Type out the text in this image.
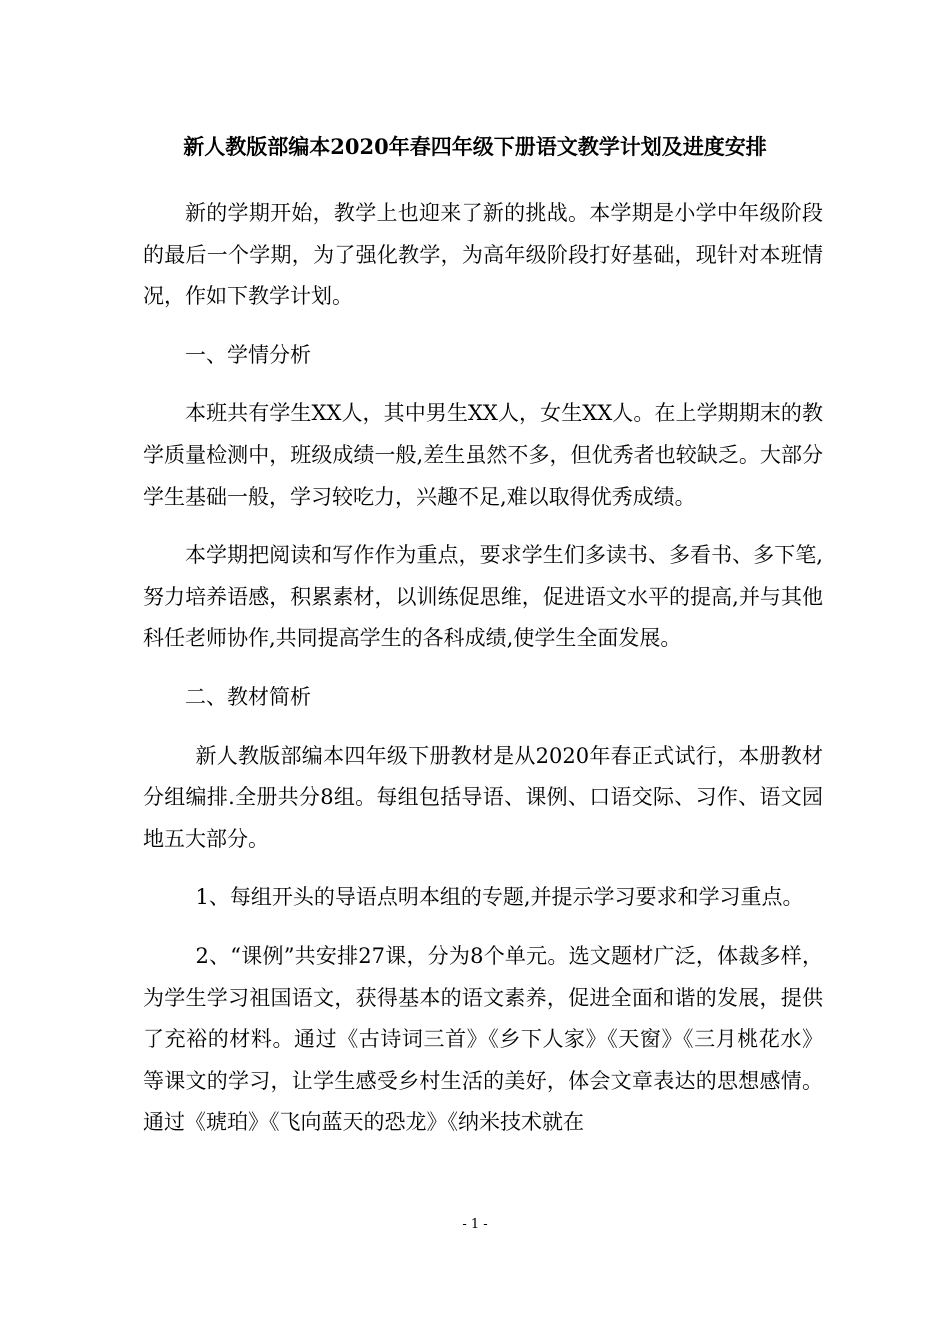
新人教版部编本2020年春四年级下册语文教学计划及进度安排

新的学期开始，教学上也迎来了新的挑战。本学期是小学中年级阶段的最后一个学期，为了强化教学，为高年级阶段打好基础，现针对本班情况，作如下教学计划。

一、学情分析

本班共有学生XX人，其中男生XX人，女生XX人。在上学期期末的教学质量检测中，班级成绩一般,差生虽然不多，但优秀者也较缺乏。大部分学生基础一般，学习较吃力，兴趣不足,难以取得优秀成绩。

本学期把阅读和写作作为重点，要求学生们多读书、多看书、多下笔,努力培养语感，积累素材，以训练促思维，促进语文水平的提高,并与其他科任老师协作,共同提高学生的各科成绩,使学生全面发展。

二、教材简析

新人教版部编本四年级下册教材是从2020年春正式试行，本册教材分组编排.全册共分8组。每组包括导语、课例、口语交际、习作、语文园地五大部分。

1、每组开头的导语点明本组的专题,并提示学习要求和学习重点。

2、“课例”共安排27课，分为8个单元。选文题材广泛，体裁多样，为学生学习祖国语文，获得基本的语文素养，促进全面和谐的发展，提供了充裕的材料。通过《古诗词三首》《乡下人家》《天窗》《三月桃花水》等课文的学习，让学生感受乡村生活的美好，体会文章表达的思想感情。通过《琥珀》《飞向蓝天的恐龙》《纳米技术就在

- 1 -
